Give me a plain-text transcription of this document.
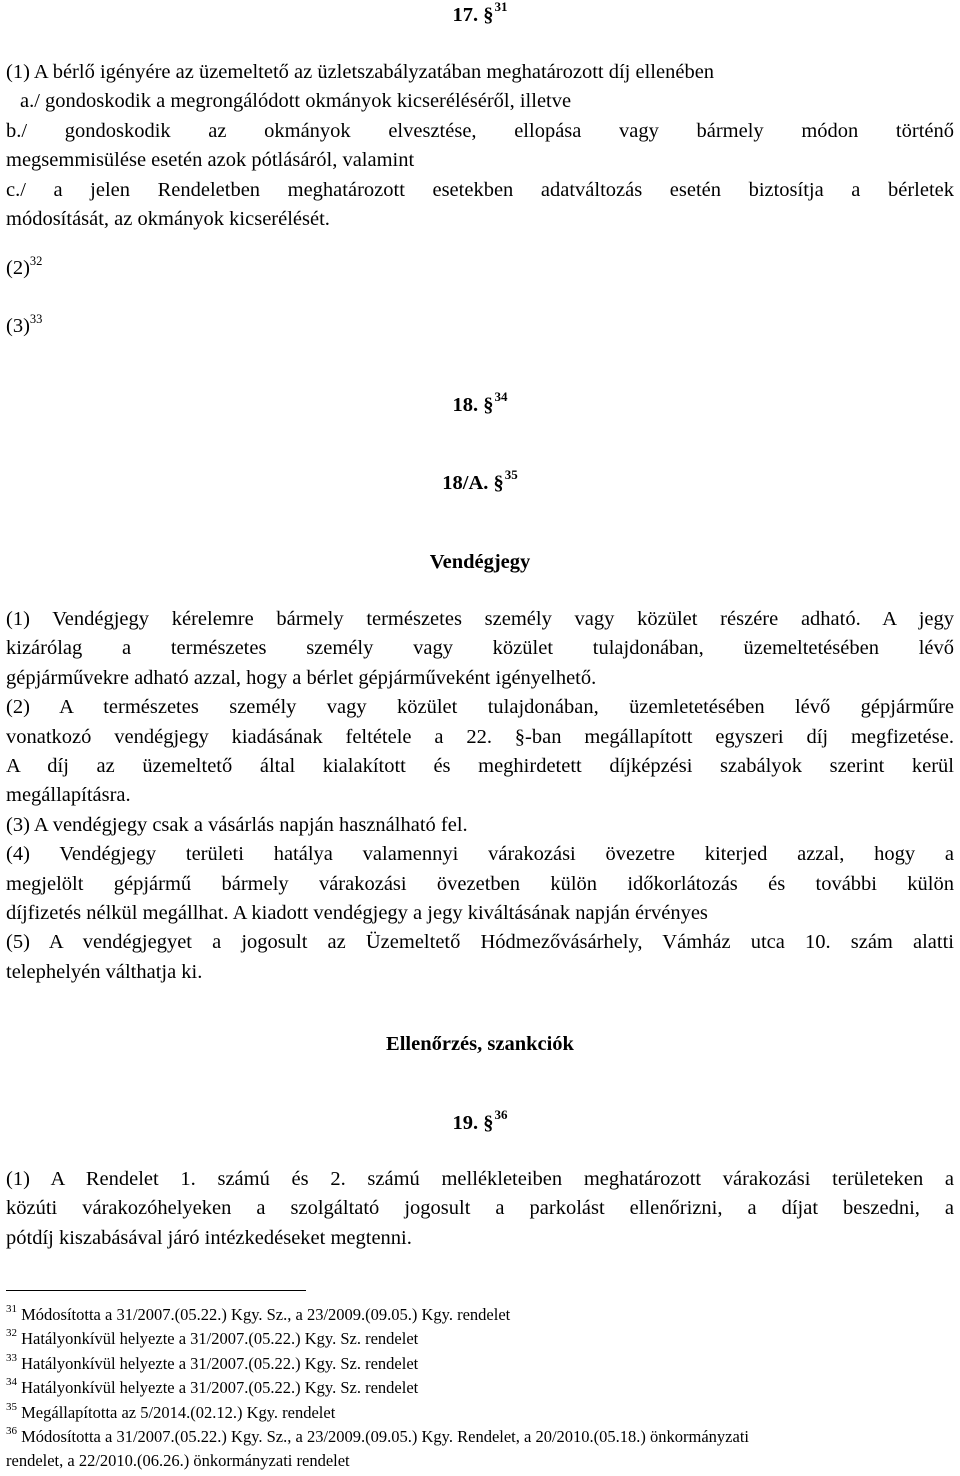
17. §$^{31}$

(1) A bérlő igényére az üzemeltető az üzletszabályzatában meghatározott díj ellenében

a./ gondoskodik a megrongálódott okmányok kicseréléséről, illetve

b./ gondoskodik az okmányok elvesztése, ellopása vagy bármely módon történő

megsemmisülése esetén azok pótlásáról, valamint

c./ a jelen Rendeletben meghatározott esetekben adatváltozás esetén biztosítja a bérletek

módosítását, az okmányok kicserélését.

$(2)^{32}$
$(3)^{33}$
18. §$^{34}$
18/A. §$^{35}$
Vendégjegy

(1) Vendégjegy kérelemre bármely természetes személy vagy közület részére adható. A jegy

kizárólag a természetes személy vagy közület tulajdonában, üzemeltetésében lévő

gépjárművekre adható azzal, hogy a bérlet gépjárműveként igényelhető.

(2) A természetes személy vagy közület tulajdonában, üzemletetésében lévő gépjárműre

vonatkozó vendégjegy kiadásának feltétele a 22. §-ban megállapított egyszeri díj megfizetése.

A díj az üzemeltető által kialakított és meghirdetett díjképzési szabályok szerint kerül

megállapításra.

(3) A vendégjegy csak a vásárlás napján használható fel.

(4) Vendégjegy területi hatálya valamennyi várakozási övezetre kiterjed azzal, hogy a

megjelölt gépjármű bármely várakozási övezetben külön időkorlátozás és további külön

díjfizetés nélkül megállhat. A kiadott vendégjegy a jegy kiváltásának napján érvényes

(5) A vendégjegyet a jogosult az Üzemeltető Hódmezővásárhely, Vámház utca 10. szám alatti

telephelyén válthatja ki.

Ellenőrzés, szankciók
19. §$^{36}$

(1) A Rendelet 1. számú és 2. számú mellékleteiben meghatározott várakozási területeken a

közúti várakozóhelyeken a szolgáltató jogosult a parkolást ellenőrizni, a díjat beszedni, a

pótdíj kiszabásával járó intézkedéseket megtenni.

$^{31}$ Módosította a 31/2007.(05.22.) Kgy. Sz., a 23/2009.(09.05.) Kgy. rendelet

$^{32}$ Hatályonkívül helyezte a 31/2007.(05.22.) Kgy. Sz. rendelet

$^{33}$ Hatályonkívül helyezte a 31/2007.(05.22.) Kgy. Sz. rendelet

$^{34}$ Hatályonkívül helyezte a 31/2007.(05.22.) Kgy. Sz. rendelet

$^{35}$ Megállapította az 5/2014.(02.12.) Kgy. rendelet

$^{36}$ Módosította a 31/2007.(05.22.) Kgy. Sz., a 23/2009.(09.05.) Kgy. Rendelet, a 20/2010.(05.18.) önkormányzati
rendelet, a 22/2010.(06.26.) önkormányzati rendelet
